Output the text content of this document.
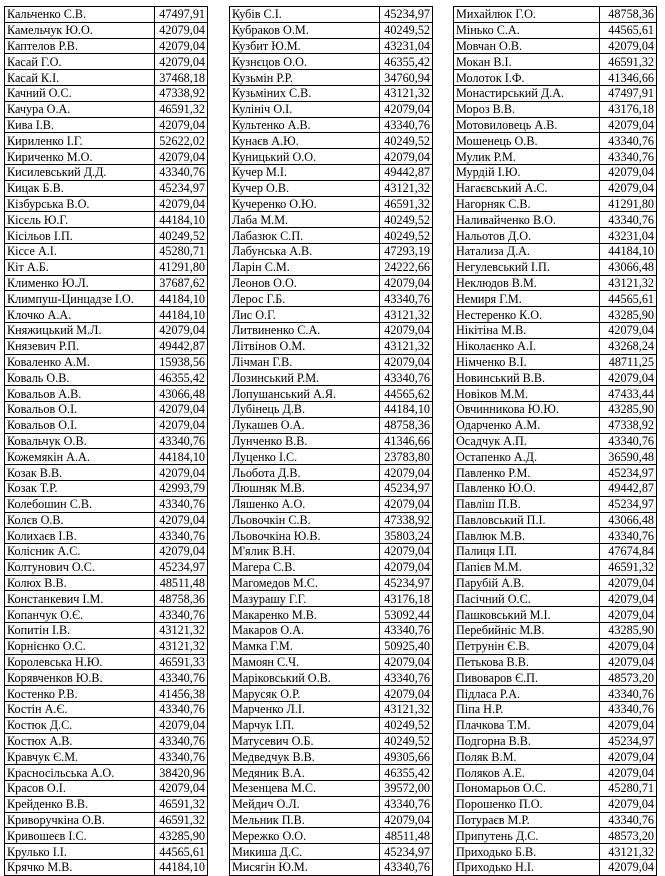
Кальченко С.В.	47497,91
Камельчук Ю.О.	42079,04
Каптелов Р.В.	42079,04
Касай Г.О.	42079,04
Касай К.І.	37468,18
Качний О.С.	47338,92
Качура О.А.	46591,32
Кива І.В.	42079,04
Кириленко І.Г.	52622,02
Кириченко М.О.	42079,04
Кисилевський Д.Д.	43340,76
Кицак Б.В.	45234,97
Кізбурська В.О.	42079,04
Кісєль Ю.Г.	44184,10
Кісільов І.П.	40249,52
Кіссе А.І.	45280,71
Кіт А.Б.	41291,80
Клименко Ю.Л.	37687,62
Климпуш-Цинцадзе І.О.	44184,10
Клочко А.А.	44184,10
Княжицький М.Л.	42079,04
Князевич Р.П.	49442,87
Коваленко А.М.	15938,56
Коваль О.В.	46355,42
Ковальов А.В.	43066,48
Ковальов О.І.	42079,04
Ковальов О.І.	42079,04
Ковальчук О.В.	43340,76
Кожемякін А.А.	44184,10
Козак В.В.	42079,04
Козак Т.Р.	42993,79
Колебошин С.В.	43340,76
Колєв О.В.	42079,04
Колихаєв І.В.	43340,76
Колісник А.С.	42079,04
Колтунович О.С.	45234,97
Колюх В.В.	48511,48
Констанкевич І.М.	48758,36
Копанчук О.Є.	43340,76
Копитін І.В.	43121,32
Корнієнко О.С.	43121,32
Королевська Н.Ю.	46591,33
Корявченков Ю.В.	43340,76
Костенко Р.В.	41456,38
Костін А.Є.	43340,76
Костюк Д.С.	42079,04
Костюх А.В.	43340,76
Кравчук Є.М.	43340,76
Красносільська А.О.	38420,96
Красов О.І.	42079,04
Крейденко В.В.	46591,32
Криворучкіна О.В.	46591,32
Кривошеєв І.С.	43285,90
Крулько І.І.	44565,61
Крячко М.В.	44184,10
Кубів С.І.	45234,97
Кубраков О.М.	40249,52
Кузбит Ю.М.	43231,04
Кузнєцов О.О.	46355,42
Кузьмін Р.Р.	34760,94
Кузьміних С.В.	43121,32
Кулініч О.І.	42079,04
Культенко А.В.	43340,76
Кунаєв А.Ю.	40249,52
Куницький О.О.	42079,04
Кучер М.І.	49442,87
Кучер О.В.	43121,32
Кучеренко О.Ю.	46591,32
Лаба М.М.	40249,52
Лабазюк С.П.	40249,52
Лабунська А.В.	47293,19
Ларін С.М.	24222,66
Леонов О.О.	42079,04
Лерос Г.Б.	43340,76
Лис О.Г.	43121,32
Литвиненко С.А.	42079,04
Літвінов О.М.	43121,32
Лічман Г.В.	42079,04
Лозинський Р.М.	43340,76
Лопушанський А.Я.	44565,62
Лубінець Д.В.	44184,10
Лукашев О.А.	48758,36
Лунченко В.В.	41346,66
Луценко І.С.	23783,80
Льобота Д.В.	42079,04
Люшняк М.В.	45234,97
Ляшенко А.О.	42079,04
Льовочкін С.В.	47338,92
Льовочкіна Ю.В.	35803,24
М'ялик В.Н.	42079,04
Магера С.В.	42079,04
Магомедов М.С.	45234,97
Мазурашу Г.Г.	43176,18
Макаренко М.В.	53092,44
Макаров О.А.	43340,76
Мамка Г.М.	50925,40
Мамоян С.Ч.	42079,04
Маріковський О.В.	43340,76
Марусяк О.Р.	42079,04
Марченко Л.І.	43121,32
Марчук І.П.	40249,52
Матусевич О.Б.	40249,52
Медведчук В.В.	49305,66
Медяник В.А.	46355,42
Мезенцева М.С.	39572,00
Мейдич О.Л.	43340,76
Мельник П.В.	42079,04
Мережко О.О.	48511,48
Микиша Д.С.	45234,97
Мисягін Ю.М.	43340,76
Михайлюк Г.О.	48758,36
Мінько С.А.	44565,61
Мовчан О.В.	42079,04
Мокан В.І.	46591,32
Молоток І.Ф.	41346,66
Монастирський Д.А.	47497,91
Мороз В.В.	43176,18
Мотовиловець А.В.	42079,04
Мошенець О.В.	43340,76
Мулик Р.М.	43340,76
Мурдій І.Ю.	42079,04
Нагаєвський А.С.	42079,04
Нагорняк С.В.	41291,80
Наливайченко В.О.	43340,76
Нальотов Д.О.	43231,04
Натализа Д.А.	44184,10
Негулевський І.П.	43066,48
Неклюдов В.М.	43121,32
Немиря Г.М.	44565,61
Нестеренко К.О.	43285,90
Нікітіна М.В.	42079,04
Ніколаєнко А.І.	43268,24
Німченко В.І.	48711,25
Новинський В.В.	42079,04
Новіков М.М.	47433,44
Овчинникова Ю.Ю.	43285,90
Одарченко А.М.	47338,92
Осадчук А.П.	43340,76
Остапенко А.Д.	36590,48
Павленко Р.М.	45234,97
Павленко Ю.О.	49442,87
Павліш П.В.	45234,97
Павловський П.І.	43066,48
Павлюк М.В.	43340,76
Палиця І.П.	47674,84
Папієв М.М.	46591,32
Парубій А.В.	42079,04
Пасічний О.С.	42079,04
Пашковський М.І.	42079,04
Перебийніс М.В.	43285,90
Петрунін Є.В.	42079,04
Петькова В.В.	42079,04
Пивоваров Є.П.	48573,20
Підласа Р.А.	43340,76
Піпа Н.Р.	43340,76
Плачкова Т.М.	42079,04
Подгорна В.В.	45234,97
Поляк В.М.	42079,04
Поляков А.Е.	42079,04
Пономарьов О.С.	45280,71
Порошенко П.О.	42079,04
Потураєв М.Р.	43340,76
Припутень Д.С.	48573,20
Приходько Б.В.	43121,32
Приходько Н.І.	42079,04
